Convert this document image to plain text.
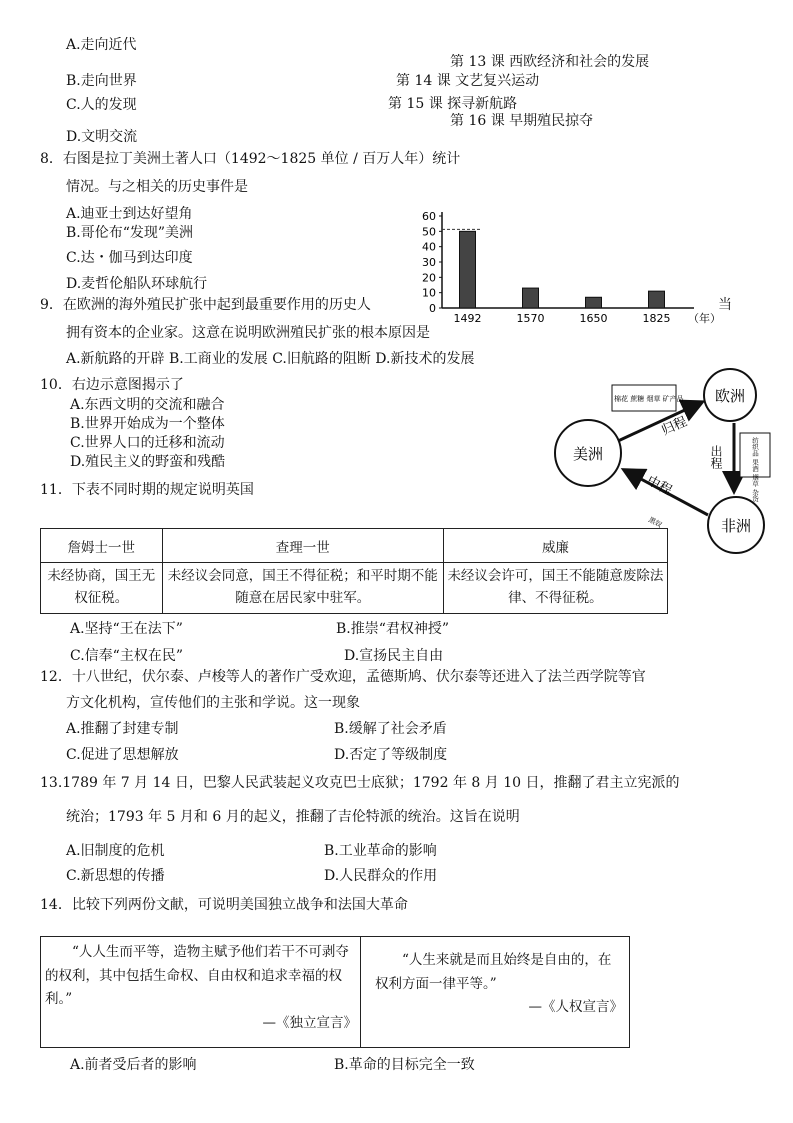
A.走向近代
第 13 课 西欧经济和社会的发展
B.走向世界	第 14 课 文艺复兴运动
C.人的发现	第 15 课 探寻新航路
第 16 课 早期殖民掠夺
D.文明交流
8．右图是拉丁美洲土著人口（1492～1825 单位 / 百万人年）统计
情况。与之相关的历史事件是
A.迪亚士到达好望角
B.哥伦布“发现”美洲
C.达・伽马到达印度
D.麦哲伦船队环球航行
0
10
20
30
40
50
60
1492	1570	1650	1825 （年）
9．在欧洲的海外殖民扩张中起到最重要作用的历史人	当
拥有资本的企业家。这意在说明欧洲殖民扩张的根本原因是
A.新航路的开辟 B.工商业的发展 C.旧航路的阻断 D.新技术的发展
10．右边示意图揭示了
A.东西文明的交流和融合
B.世界开始成为一个整体
C.世界人口的迁移和流动
D.殖民主义的野蛮和残酷
欧洲
美洲
非洲
棉花 蔗糖 烟草 矿产品
归程
出程	纺织品 果酒 烟草 杂货
中程
黑奴
11．下表不同时期的规定说明英国
詹姆士一世	查理一世	威廉
未经协商，国王无权征税。	未经议会同意，国王不得征税；和平时期不能随意在居民家中驻军。	未经议会许可，国王不能随意废除法律、不得征税。
A.坚持“王在法下”	B.推崇“君权神授”
C.信奉“主权在民”	D.宣扬民主自由
12．十八世纪，伏尔泰、卢梭等人的著作广受欢迎，孟德斯鸠、伏尔泰等还进入了法兰西学院等官
方文化机构，宣传他们的主张和学说。这一现象
A.推翻了封建专制	B.缓解了社会矛盾
C.促进了思想解放	D.否定了等级制度
13.1789 年 7 月 14 日，巴黎人民武装起义攻克巴士底狱；1792 年 8 月 10 日，推翻了君主立宪派的
统治；1793 年 5 月和 6 月的起义，推翻了吉伦特派的统治。这旨在说明
A.旧制度的危机	B.工业革命的影响
C.新思想的传播	D.人民群众的作用
14．比较下列两份文献，可说明美国独立战争和法国大革命
“人人生而平等，造物主赋予他们若干不可剥夺的权利，其中包括生命权、自由权和追求幸福的权利。”
—《独立宣言》
“人生来就是而且始终是自由的，在权利方面一律平等。”
—《人权宣言》
A.前者受后者的影响	B.革命的目标完全一致
